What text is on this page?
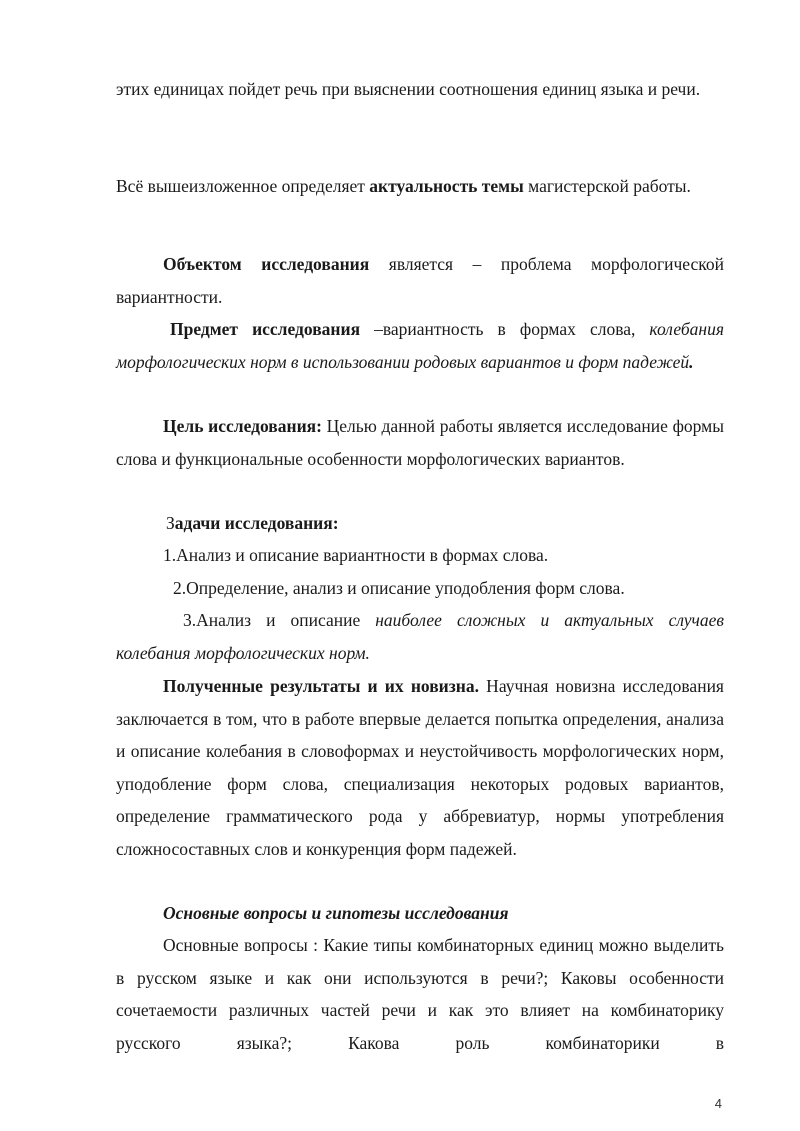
этих единицах пойдет речь при выяснении соотношения единиц языка и речи.

Всё вышеизложенное определяет актуальность темы магистерской работы.

Объектом исследования является – проблема морфологической вариантности.

Предмет исследования –вариантность в формах слова, колебания морфологических норм в использовании родовых вариантов и форм падежей.

Цель исследования: Целью данной работы является исследование формы слова и функциональные особенности морфологических вариантов.

Задачи исследования:

1.Анализ и описание вариантности в формах слова.

2.Определение, анализ и описание уподобления форм слова.

3.Анализ и описание наиболее сложных и актуальных случаев колебания морфологических норм.

Полученные результаты и их новизна. Научная новизна исследования заключается в том, что в работе впервые делается попытка определения, анализа и описание колебания в словоформах и неустойчивость морфологических норм, уподобление форм слова, специализация некоторых родовых вариантов, определение грамматического рода у аббревиатур, нормы употребления сложносоставных слов и конкуренция форм падежей.

Основные вопросы и гипотезы исследования

Основные вопросы : Какие типы комбинаторных единиц можно выделить в русском языке и как они используются в речи?; Каковы особенности сочетаемости различных частей речи и как это влияет на комбинаторику русского языка?; Какова роль комбинаторики в

4
